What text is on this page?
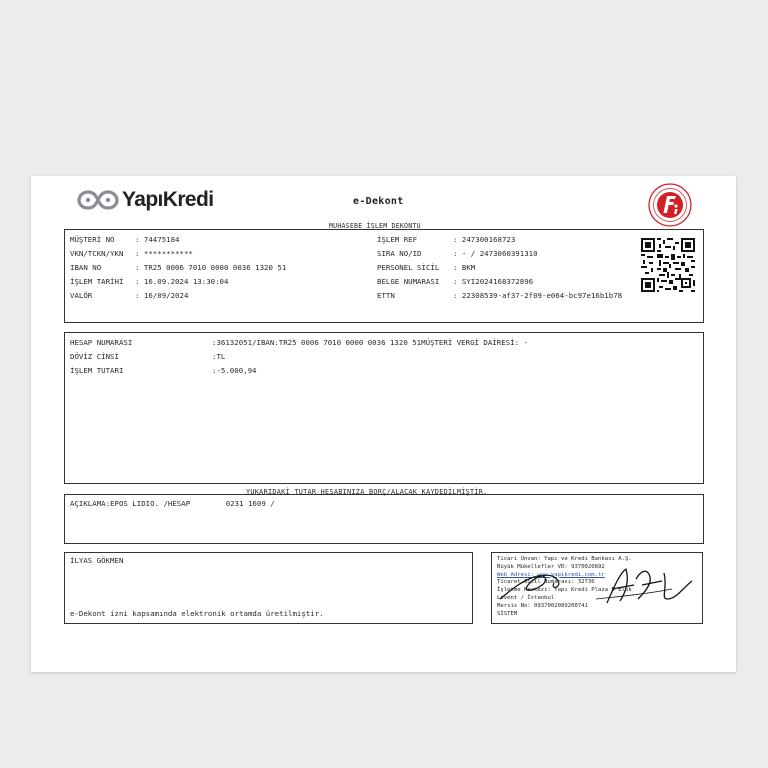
YapıKredi	e-Dekont
MUHASEBE İŞLEM DEKONTU
MÜŞTERİ NO	: 74475184
VKN/TCKN/YKN : ***********
IBAN NO	: TR25 0006 7010 0000 0036 1320 51
İŞLEM TARİHİ : 16.09.2024 13:30:04
VALÖR	: 16/09/2024
İŞLEM REF	: 247300168723
SIRA NO/ID	: - / 2473060391310
PERSONEL SİCİL : BKM
BELGE NUMARASI : SYI2024168372896
ETTN	: 22308539-af37-2f09-e064-bc97e16b1b78
HESAP NUMARASI	:36132051/IBAN:TR25 0006 7010 0000 0036 1320 51MÜŞTERİ VERGİ DAİRESİ: -
DÖVİZ CİNSİ	:TL
İŞLEM TUTARI	:-5.000,94
YUKARIDAKİ TUTAR HESABINIZA BORÇ/ALACAK KAYDEDİLMİŞTİR.
AÇIKLAMA:EPOS LIDIO. /HESAP        0231 1609 /
İLYAS GÖKMEN
e-Dekont izni kapsamında elektronik ortamda üretilmiştir.
Ticari Unvan: Yapı ve Kredi Bankası A.Ş.
Büyük Mükellefler VD: 9370020892
Web Adresi: www.yapikredi.com.tr
Ticaret Sicil Numarası: 32736
İşletme Merkezi: Yapı Kredi Plaza D Blok
Levent / İstanbul
Mersis No: 0937002089200741
SİSTEM
